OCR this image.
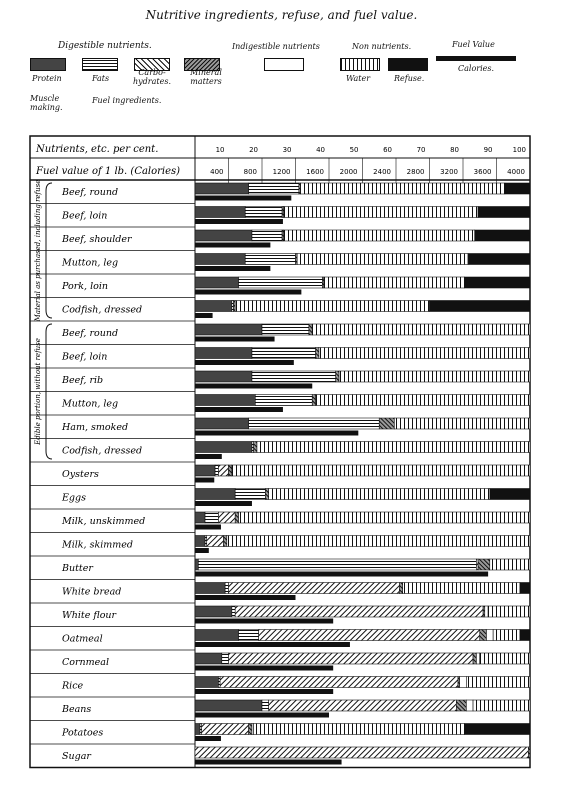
Nutritive ingredients, refuse, and fuel value.
Digestible nutrients.
Protein	Fats
Carbo- hydrates.
Mineral matters
Muscle making.
Fuel ingredients.
Indigestible nutrients	Non nutrients.
Water	Refuse.
Fuel Value
Calories.
Nutrients, etc. per cent.
Fuel value of 1 lb. (Calories)
10	20	30	40	50	60	70	80	90	100
400	800 1200 1600 2000 2400 2800 3200 3600 4000
Material as purchased, including refuse
Edible portion, without refuse
Beef, round
Beef, loin
Beef, shoulder
Mutton, leg
Pork, loin
Codfish, dressed
Beef, round
Beef, loin
Beef, rib
Mutton, leg
Ham, smoked
Codfish, dressed
Oysters
Eggs
Milk, unskimmed
Milk, skimmed
Butter
White bread
White flour
Oatmeal
Cornmeal
Rice
Beans
Potatoes
Sugar
